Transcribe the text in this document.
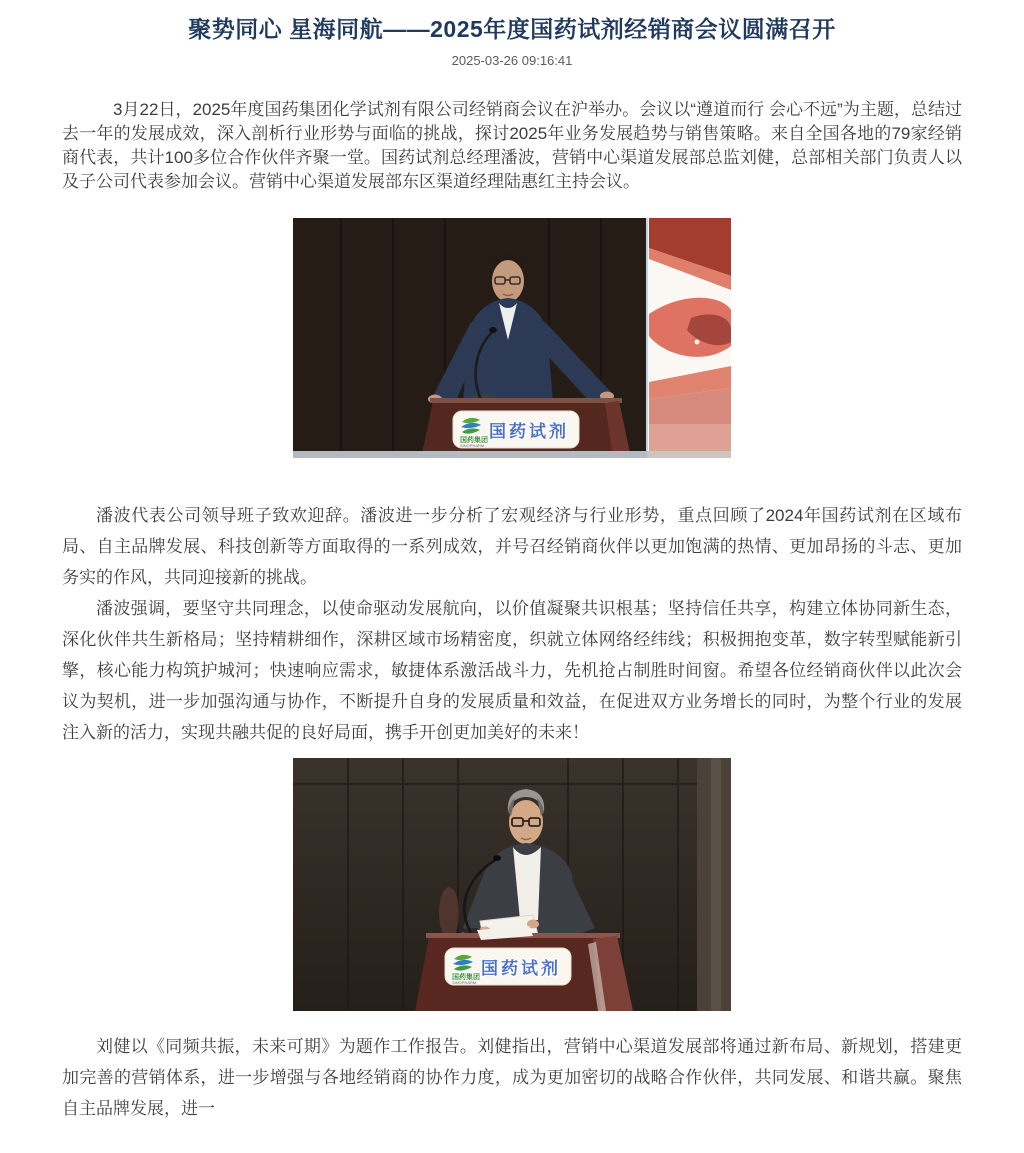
聚势同心 星海同航——2025年度国药试剂经销商会议圆满召开
2025-03-26 09:16:41

　3月22日，2025年度国药集团化学试剂有限公司经销商会议在沪举办。会议以“遵道而行 会心不远”为主题，总结过去一年的发展成效，深入剖析行业形势与面临的挑战，探讨2025年业务发展趋势与销售策略。来自全国各地的79家经销商代表，共计100多位合作伙伴齐聚一堂。国药试剂总经理潘波，营销中心渠道发展部总监刘健，总部相关部门负责人以及子公司代表参加会议。营销中心渠道发展部东区渠道经理陆惠红主持会议。

国药集团
SINOPHARM
国药试剂

潘波代表公司领导班子致欢迎辞。潘波进一步分析了宏观经济与行业形势，重点回顾了2024年国药试剂在区域布局、自主品牌发展、科技创新等方面取得的一系列成效，并号召经销商伙伴以更加饱满的热情、更加昂扬的斗志、更加务实的作风，共同迎接新的挑战。

潘波强调，要坚守共同理念，以使命驱动发展航向，以价值凝聚共识根基；坚持信任共享，构建立体协同新生态，深化伙伴共生新格局；坚持精耕细作，深耕区域市场精密度，织就立体网络经纬线；积极拥抱变革，数字转型赋能新引擎，核心能力构筑护城河；快速响应需求，敏捷体系激活战斗力，先机抢占制胜时间窗。希望各位经销商伙伴以此次会议为契机，进一步加强沟通与协作，不断提升自身的发展质量和效益，在促进双方业务增长的同时，为整个行业的发展注入新的活力，实现共融共促的良好局面，携手开创更加美好的未来！

国药集团
SINOPHARM
国药试剂

刘健以《同频共振，未来可期》为题作工作报告。刘健指出，营销中心渠道发展部将通过新布局、新规划，搭建更加完善的营销体系，进一步增强与各地经销商的协作力度，成为更加密切的战略合作伙伴，共同发展、和谐共赢。聚焦自主品牌发展，进一
